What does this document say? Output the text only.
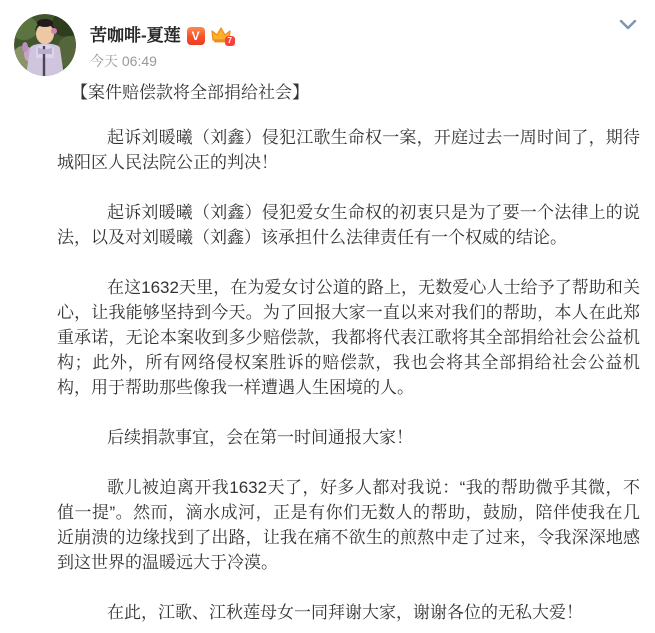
苦咖啡-夏莲 V	7
今天 06:49

【案件赔偿款将全部捐给社会】

起诉刘暖曦（刘鑫）侵犯江歌生命权一案，开庭过去一周时间了，期待城阳区人民法院公正的判决！

起诉刘暖曦（刘鑫）侵犯爱女生命权的初衷只是为了要一个法律上的说法，以及对刘暖曦（刘鑫）该承担什么法律责任有一个权威的结论。

在这1632天里，在为爱女讨公道的路上，无数爱心人士给予了帮助和关心，让我能够坚持到今天。为了回报大家一直以来对我们的帮助，本人在此郑重承诺，无论本案收到多少赔偿款，我都将代表江歌将其全部捐给社会公益机构；此外，所有网络侵权案胜诉的赔偿款，我也会将其全部捐给社会公益机构，用于帮助那些像我一样遭遇人生困境的人。

后续捐款事宜，会在第一时间通报大家！

歌儿被迫离开我1632天了，好多人都对我说：“我的帮助微乎其微，不值一提”。然而，滴水成河，正是有你们无数人的帮助，鼓励，陪伴使我在几近崩溃的边缘找到了出路，让我在痛不欲生的煎熬中走了过来，令我深深地感到这世界的温暖远大于冷漠。

在此，江歌、江秋莲母女一同拜谢大家，谢谢各位的无私大爱！
